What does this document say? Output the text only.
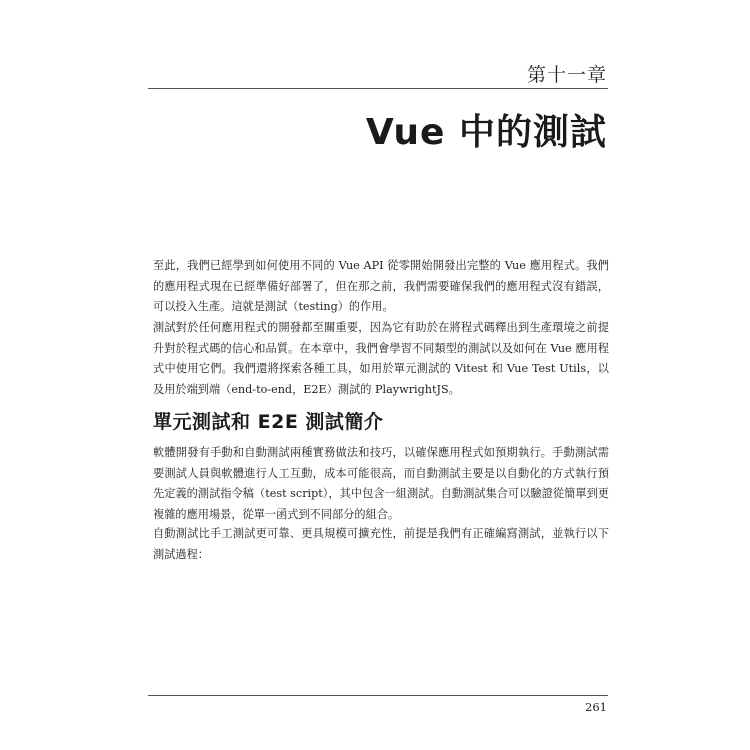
第十一章
Vue 中的測試

至此，我們已經學到如何使用不同的 Vue API 從零開始開發出完整的 Vue 應用程式。我們的應用程式現在已經準備好部署了，但在那之前，我們需要確保我們的應用程式沒有錯誤，可以投入生產。這就是測試（testing）的作用。

測試對於任何應用程式的開發都至關重要，因為它有助於在將程式碼釋出到生產環境之前提升對於程式碼的信心和品質。在本章中，我們會學習不同類型的測試以及如何在 Vue 應用程式中使用它們。我們還將探索各種工具，如用於單元測試的 Vitest 和 Vue Test Utils，以及用於端到端（end-to-end，E2E）測試的 PlaywrightJS。

單元測試和 E2E 測試簡介

軟體開發有手動和自動測試兩種實務做法和技巧，以確保應用程式如預期執行。手動測試需要測試人員與軟體進行人工互動，成本可能很高，而自動測試主要是以自動化的方式執行預先定義的測試指令稿（test script），其中包含一組測試。自動測試集合可以驗證從簡單到更複雜的應用場景，從單一函式到不同部分的組合。

自動測試比手工測試更可靠、更具規模可擴充性，前提是我們有正確編寫測試，並執行以下測試過程：

261
